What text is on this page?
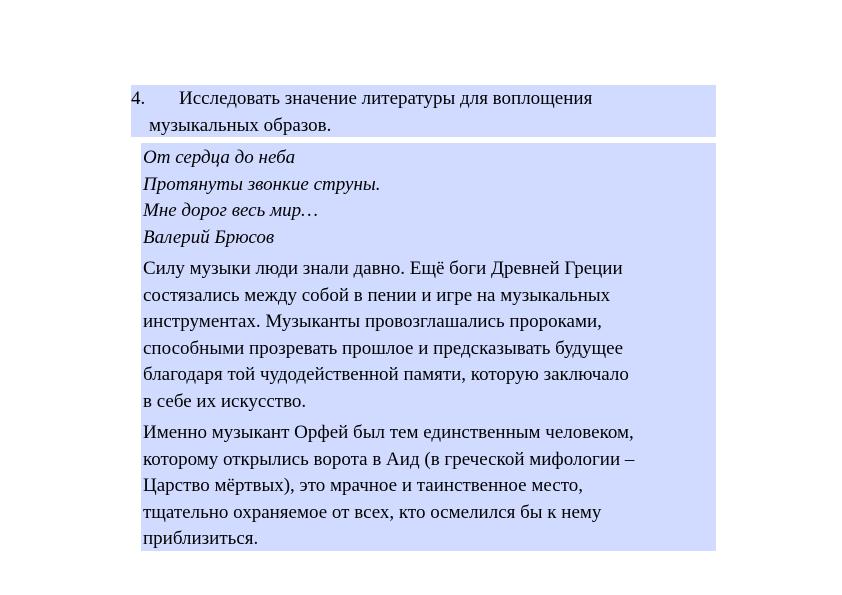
4. Исследовать значение литературы для воплощения
музыкальных образов.
От сердца до неба
Протянуты звонкие струны.
Мне дорог весь мир…
Валерий Брюсов
Силу музыки люди знали давно. Ещё боги Древней Греции
состязались между собой в пении и игре на музыкальных
инструментах. Музыканты провозглашались пророками,
способными прозревать прошлое и предсказывать будущее
благодаря той чудодейственной памяти, которую заключало
в себе их искусство.
Именно музыкант Орфей был тем единственным человеком,
которому открылись ворота в Аид (в греческой мифологии –
Царство мёртвых), это мрачное и таинственное место,
тщательно охраняемое от всех, кто осмелился бы к нему
приблизиться.
